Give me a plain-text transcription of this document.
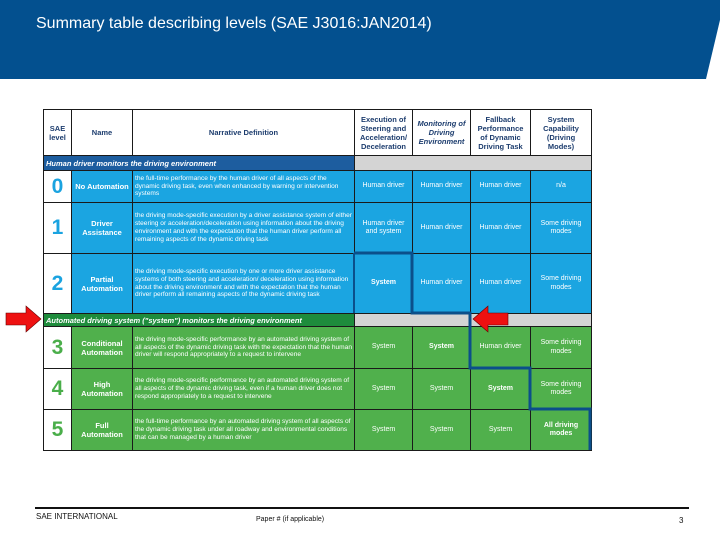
Summary table describing levels (SAE J3016:JAN2014)
SAE level	Name	Narrative Definition	Execution of Steering and Acceleration/ Deceleration	Monitoring of Driving Environment	Fallback Performance of Dynamic Driving Task	System Capability (Driving Modes)
Human driver monitors the driving environment						
0	No Automation	the full-time performance by the human driver of all aspects of the dynamic driving task, even when enhanced by warning or intervention systems	Human driver	Human driver	Human driver	n/a
1	Driver Assistance	the driving mode-specific execution by a driver assistance system of either steering or acceleration/deceleration using information about the driving environment and with the expectation that the human driver perform all remaining aspects of the dynamic driving task	Human driver and system	Human driver	Human driver	Some driving modes
2	Partial Automation	the driving mode-specific execution by one or more driver assistance systems of both steering and acceleration/ deceleration using information about the driving environment and with the expectation that the human driver perform all remaining aspects of the dynamic driving task	System	Human driver	Human driver	Some driving modes
Automated driving system ("system") monitors the driving environment						
3	Conditional Automation	the driving mode-specific performance by an automated driving system of all aspects of the dynamic driving task with the expectation that the human driver will respond appropriately to a request to intervene	System	System	Human driver	Some driving modes
4	High Automation	the driving mode-specific performance by an automated driving system of all aspects of the dynamic driving task, even if a human driver does not respond appropriately to a request to intervene	System	System	System	Some driving modes
5	Full Automation	the full-time performance by an automated driving system of all aspects of the dynamic driving task under all roadway and environmental conditions that can be managed by a human driver	System	System	System	All driving modes
SAE INTERNATIONAL	Paper # (if applicable)	3
